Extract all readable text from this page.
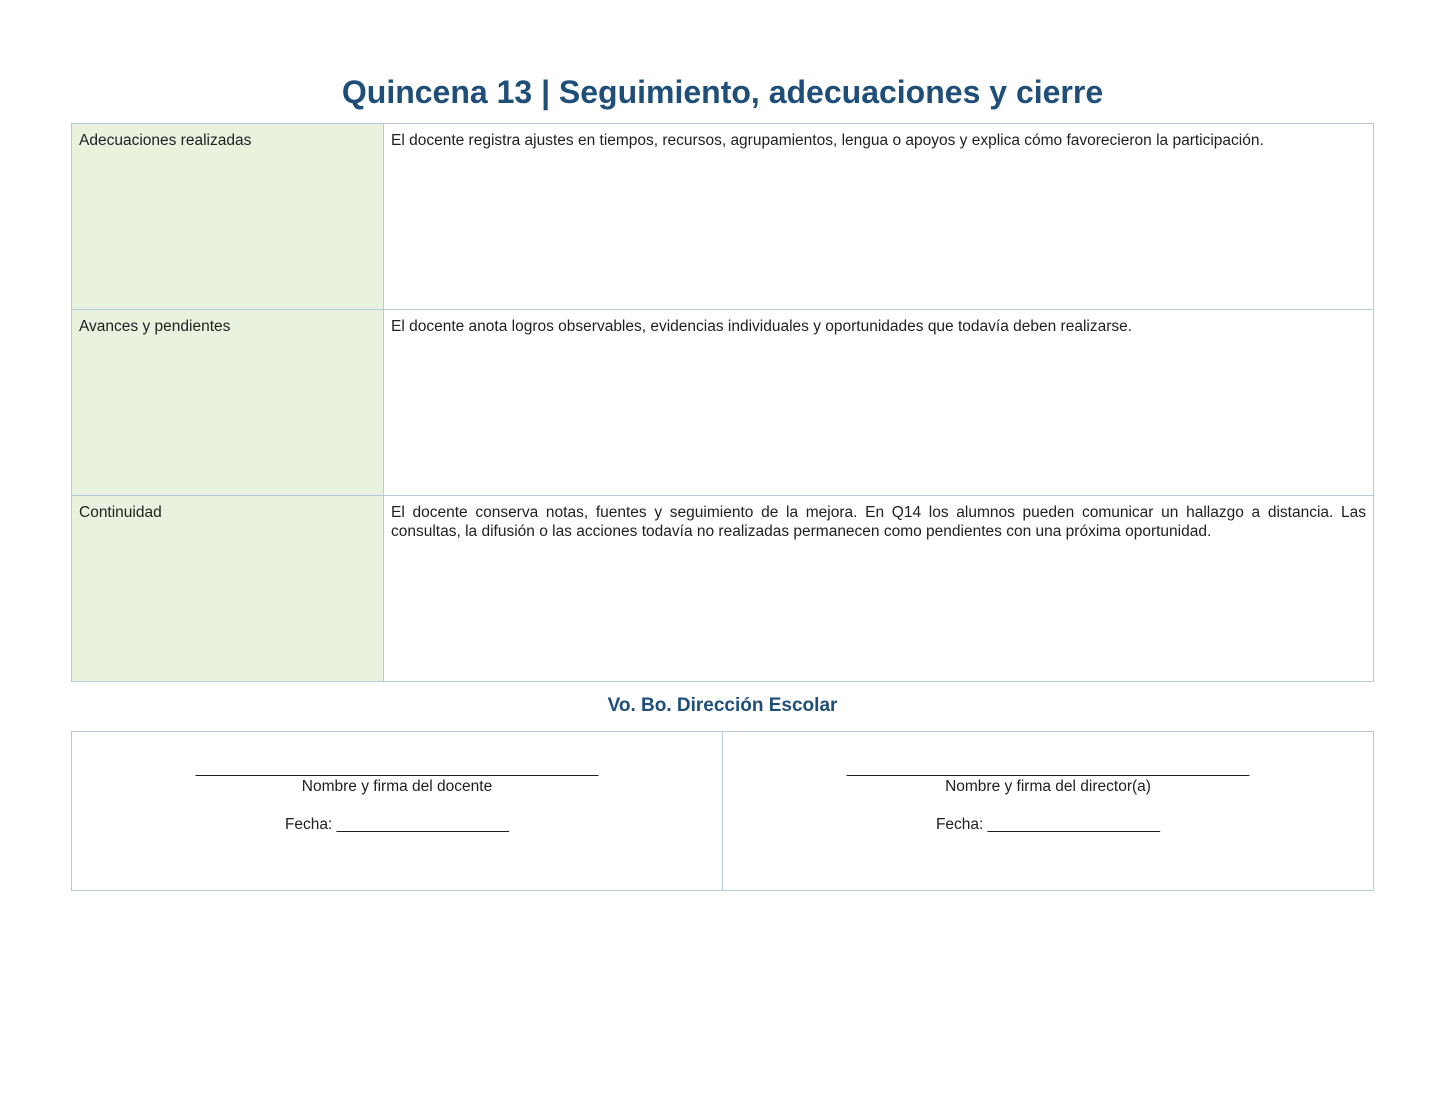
Quincena 13 | Seguimiento, adecuaciones y cierre
Adecuaciones realizadas	El docente registra ajustes en tiempos, recursos, agrupamientos, lengua o apoyos y explica cómo favorecieron la participación.
Avances y pendientes	El docente anota logros observables, evidencias individuales y oportunidades que todavía deben realizarse.
Continuidad	El docente conserva notas, fuentes y seguimiento de la mejora. En Q14 los alumnos pueden comunicar un hallazgo a distancia. Las consultas, la difusión o las acciones todavía no realizadas permanecen como pendientes con una próxima oportunidad.
Vo. Bo. Dirección Escolar
Nombre y firma del docente
Fecha: ____________________
Nombre y firma del director(a)
Fecha: ____________________
